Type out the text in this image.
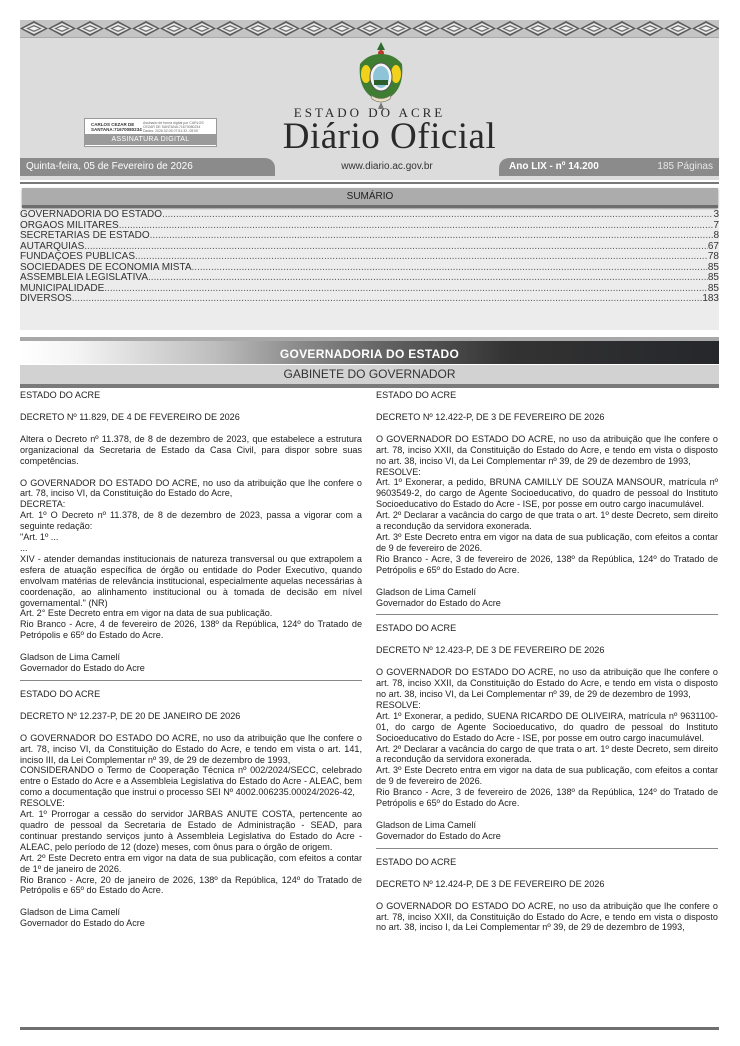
ESTADO DO ACRE
Diário Oficial
CARLOS CEZAR DE
SANTANA:71670080234
Assinado de forma digital por CARLOS
CEZAR DE SANTANA:71670080234
Dados: 2026.02.05 07:51:32 -05'00'
ASSINATURA DIGITAL
Quinta-feira, 05 de Fevereiro de 2026	www.diario.ac.gov.br	Ano LIX - nº 14.200	185 Páginas
SUMÁRIO
GOVERNADORIA DO ESTADO .....	3
ÓRGÃOS MILITARES .....	7
SECRETARIAS DE ESTADO .....	8
AUTARQUIAS .....	67
FUNDAÇÕES PÚBLICAS .....	78
SOCIEDADES DE ECONOMIA MISTA .....	85
ASSEMBLEIA LEGISLATIVA .....	85
MUNICIPALIDADE .....	85
DIVERSOS .....	183
GOVERNADORIA DO ESTADO
GABINETE DO GOVERNADOR

ESTADO DO ACRE

DECRETO Nº 11.829, DE 4 DE FEVEREIRO DE 2026

Altera o Decreto nº 11.378, de 8 de dezembro de 2023, que estabelece a estrutura organizacional da Secretaria de Estado da Casa Civil, para dispor sobre suas competências.

O GOVERNADOR DO ESTADO DO ACRE, no uso da atribuição que lhe confere o art. 78, inciso VI, da Constituição do Estado do Acre,

DECRETA:

Art. 1º O Decreto nº 11.378, de 8 de dezembro de 2023, passa a vigorar com a seguinte redação:

"Art. 1º ...

...

XIV - atender demandas institucionais de natureza transversal ou que extrapolem a esfera de atuação específica de órgão ou entidade do Poder Executivo, quando envolvam matérias de relevância institucional, especialmente aquelas necessárias à coordenação, ao alinhamento institucional ou à tomada de decisão em nível governamental." (NR)

Art. 2° Este Decreto entra em vigor na data de sua publicação.

Rio Branco - Acre, 4 de fevereiro de 2026, 138º da República, 124º do Tratado de Petrópolis e 65º do Estado do Acre.

Gladson de Lima Camelí

Governador do Estado do Acre

ESTADO DO ACRE

DECRETO Nº 12.237-P, DE 20 DE JANEIRO DE 2026

O GOVERNADOR DO ESTADO DO ACRE, no uso da atribuição que lhe confere o art. 78, inciso VI, da Constituição do Estado do Acre, e tendo em vista o art. 141, inciso III, da Lei Complementar nº 39, de 29 de dezembro de 1993,

CONSIDERANDO o Termo de Cooperação Técnica nº 002/2024/SECC, celebrado entre o Estado do Acre e a Assembleia Legislativa do Estado do Acre - ALEAC, bem como a documentação que instrui o processo SEI Nº 4002.006235.00024/2026-42,

RESOLVE:

Art. 1º Prorrogar a cessão do servidor JARBAS ANUTE COSTA, pertencente ao quadro de pessoal da Secretaria de Estado de Administração - SEAD, para continuar prestando serviços junto à Assembleia Legislativa do Estado do Acre - ALEAC, pelo período de 12 (doze) meses, com ônus para o órgão de origem.

Art. 2º Este Decreto entra em vigor na data de sua publicação, com efeitos a contar de 1º de janeiro de 2026.

Rio Branco - Acre, 20 de janeiro de 2026, 138º da República, 124º do Tratado de Petrópolis e 65º do Estado do Acre.

Gladson de Lima Camelí

Governador do Estado do Acre

ESTADO DO ACRE

DECRETO Nº 12.422-P, DE 3 DE FEVEREIRO DE 2026

O GOVERNADOR DO ESTADO DO ACRE, no uso da atribuição que lhe confere o art. 78, inciso XXII, da Constituição do Estado do Acre, e tendo em vista o disposto no art. 38, inciso VI, da Lei Complementar nº 39, de 29 de dezembro de 1993,

RESOLVE:

Art. 1º Exonerar, a pedido, BRUNA CAMILLY DE SOUZA MANSOUR, matrícula nº 9603549-2, do cargo de Agente Socioeducativo, do quadro de pessoal do Instituto Socioeducativo do Estado do Acre - ISE, por posse em outro cargo inacumulável.

Art. 2º Declarar a vacância do cargo de que trata o art. 1º deste Decreto, sem direito a recondução da servidora exonerada.

Art. 3º Este Decreto entra em vigor na data de sua publicação, com efeitos a contar de 9 de fevereiro de 2026.

Rio Branco - Acre, 3 de fevereiro de 2026, 138º da República, 124º do Tratado de Petrópolis e 65º do Estado do Acre.

Gladson de Lima Camelí

Governador do Estado do Acre

ESTADO DO ACRE

DECRETO Nº 12.423-P, DE 3 DE FEVEREIRO DE 2026

O GOVERNADOR DO ESTADO DO ACRE, no uso da atribuição que lhe confere o art. 78, inciso XXII, da Constituição do Estado do Acre, e tendo em vista o disposto no art. 38, inciso VI, da Lei Complementar nº 39, de 29 de dezembro de 1993,

RESOLVE:

Art. 1º Exonerar, a pedido, SUENA RICARDO DE OLIVEIRA, matrícula nº 9631100-01, do cargo de Agente Socioeducativo, do quadro de pessoal do Instituto Socioeducativo do Estado do Acre - ISE, por posse em outro cargo inacumulável.

Art. 2º Declarar a vacância do cargo de que trata o art. 1º deste Decreto, sem direito a recondução da servidora exonerada.

Art. 3º Este Decreto entra em vigor na data de sua publicação, com efeitos a contar de 9 de fevereiro de 2026.

Rio Branco - Acre, 3 de fevereiro de 2026, 138º da República, 124º do Tratado de Petrópolis e 65º do Estado do Acre.

Gladson de Lima Camelí

Governador do Estado do Acre

ESTADO DO ACRE

DECRETO Nº 12.424-P, DE 3 DE FEVEREIRO DE 2026

O GOVERNADOR DO ESTADO DO ACRE, no uso da atribuição que lhe confere o art. 78, inciso XXII, da Constituição do Estado do Acre, e tendo em vista o disposto no art. 38, inciso I, da Lei Complementar nº 39, de 29 de dezembro de 1993,
